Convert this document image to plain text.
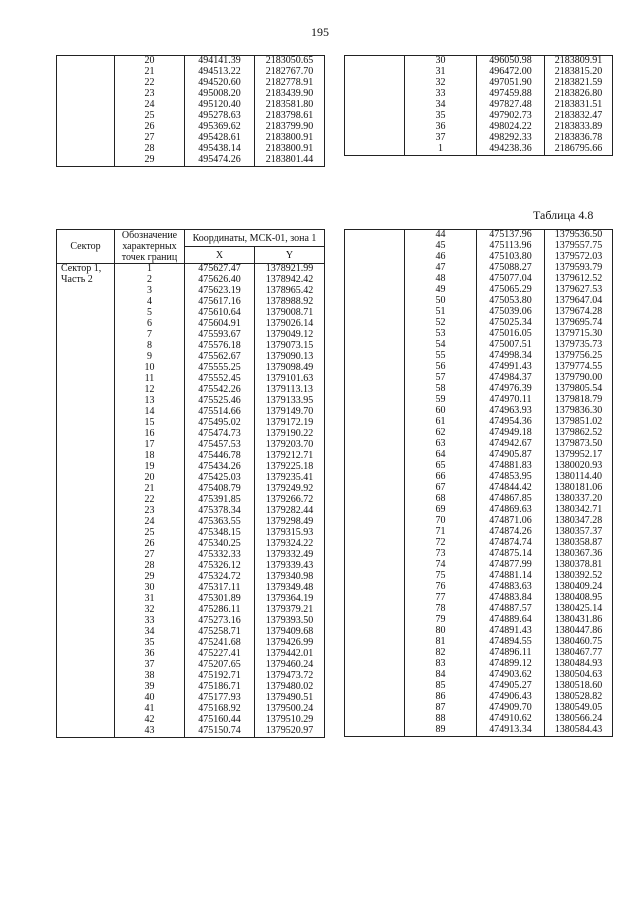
195
	20	494141.39	2183050.65
	21	494513.22	2182767.70
	22	494520.60	2182778.91
	23	495008.20	2183439.90
	24	495120.40	2183581.80
	25	495278.63	2183798.61
	26	495369.62	2183799.90
	27	495428.61	2183800.91
	28	495438.14	2183800.91
	29	495474.26	2183801.44
	30	496050.98	2183809.91
	31	496472.00	2183815.20
	32	497051.90	2183821.59
	33	497459.88	2183826.80
	34	497827.48	2183831.51
	35	497902.73	2183832.47
	36	498024.22	2183833.89
	37	498292.33	2183836.78
	1	494238.36	2186795.66
Таблица 4.8
Сектор	Обозначение характерных точек границ	Координаты, МСК-01, зона 1	
		X	Y
Сектор 1,	1	475627.47	1378921.99
Часть 2	2	475626.40	1378942.42
	3	475623.19	1378965.42
	4	475617.16	1378988.92
	5	475610.64	1379008.71
	6	475604.91	1379026.14
	7	475593.67	1379049.12
	8	475576.18	1379073.15
	9	475562.67	1379090.13
	10	475555.25	1379098.49
	11	475552.45	1379101.63
	12	475542.26	1379113.13
	13	475525.46	1379133.95
	14	475514.66	1379149.70
	15	475495.02	1379172.19
	16	475474.73	1379190.22
	17	475457.53	1379203.70
	18	475446.78	1379212.71
	19	475434.26	1379225.18
	20	475425.03	1379235.41
	21	475408.79	1379249.92
	22	475391.85	1379266.72
	23	475378.34	1379282.44
	24	475363.55	1379298.49
	25	475348.15	1379315.93
	26	475340.25	1379324.22
	27	475332.33	1379332.49
	28	475326.12	1379339.43
	29	475324.72	1379340.98
	30	475317.11	1379349.48
	31	475301.89	1379364.19
	32	475286.11	1379379.21
	33	475273.16	1379393.50
	34	475258.71	1379409.68
	35	475241.68	1379426.99
	36	475227.41	1379442.01
	37	475207.65	1379460.24
	38	475192.71	1379473.72
	39	475186.71	1379480.02
	40	475177.93	1379490.51
	41	475168.92	1379500.24
	42	475160.44	1379510.29
	43	475150.74	1379520.97
	44	475137.96	1379536.50
	45	475113.96	1379557.75
	46	475103.80	1379572.03
	47	475088.27	1379593.79
	48	475077.04	1379612.52
	49	475065.29	1379627.53
	50	475053.80	1379647.04
	51	475039.06	1379674.28
	52	475025.34	1379695.74
	53	475016.05	1379715.30
	54	475007.51	1379735.73
	55	474998.34	1379756.25
	56	474991.43	1379774.55
	57	474984.37	1379790.00
	58	474976.39	1379805.54
	59	474970.11	1379818.79
	60	474963.93	1379836.30
	61	474954.36	1379851.02
	62	474949.18	1379862.52
	63	474942.67	1379873.50
	64	474905.87	1379952.17
	65	474881.83	1380020.93
	66	474853.95	1380114.40
	67	474844.42	1380181.06
	68	474867.85	1380337.20
	69	474869.63	1380342.71
	70	474871.06	1380347.28
	71	474874.26	1380357.37
	72	474874.74	1380358.87
	73	474875.14	1380367.36
	74	474877.99	1380378.81
	75	474881.14	1380392.52
	76	474883.63	1380409.24
	77	474883.84	1380408.95
	78	474887.57	1380425.14
	79	474889.64	1380431.86
	80	474891.43	1380447.86
	81	474894.55	1380460.75
	82	474896.11	1380467.77
	83	474899.12	1380484.93
	84	474903.62	1380504.63
	85	474905.27	1380518.60
	86	474906.43	1380528.82
	87	474909.70	1380549.05
	88	474910.62	1380566.24
	89	474913.34	1380584.43
